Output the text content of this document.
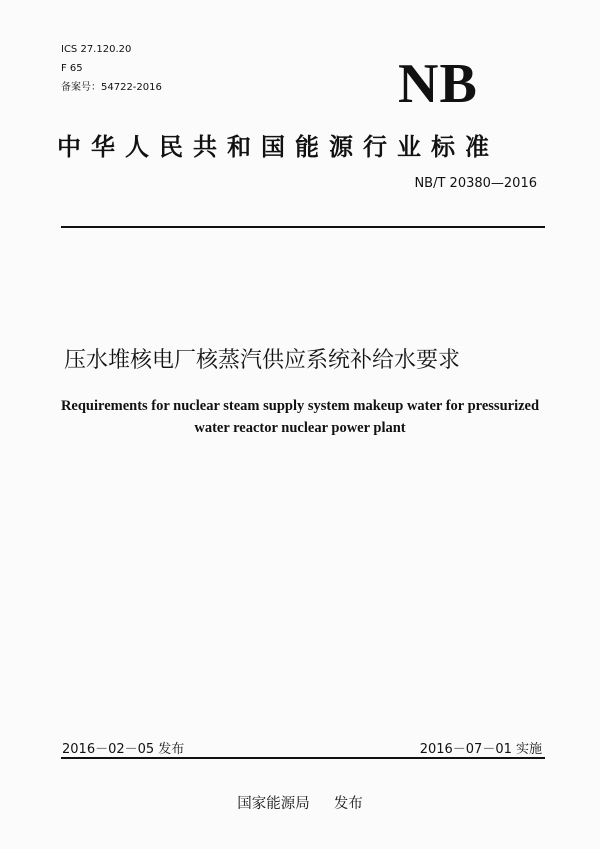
ICS 27.120.20
F 65
备案号：54722-2016	NB
中华人民共和国能源行业标准
NB/T 20380—2016
压水堆核电厂核蒸汽供应系统补给水要求
Requirements for nuclear steam supply system makeup water for pressurized
water reactor nuclear power plant
2016－02－05 发布	2016－07－01 实施
国家能源局 发布
